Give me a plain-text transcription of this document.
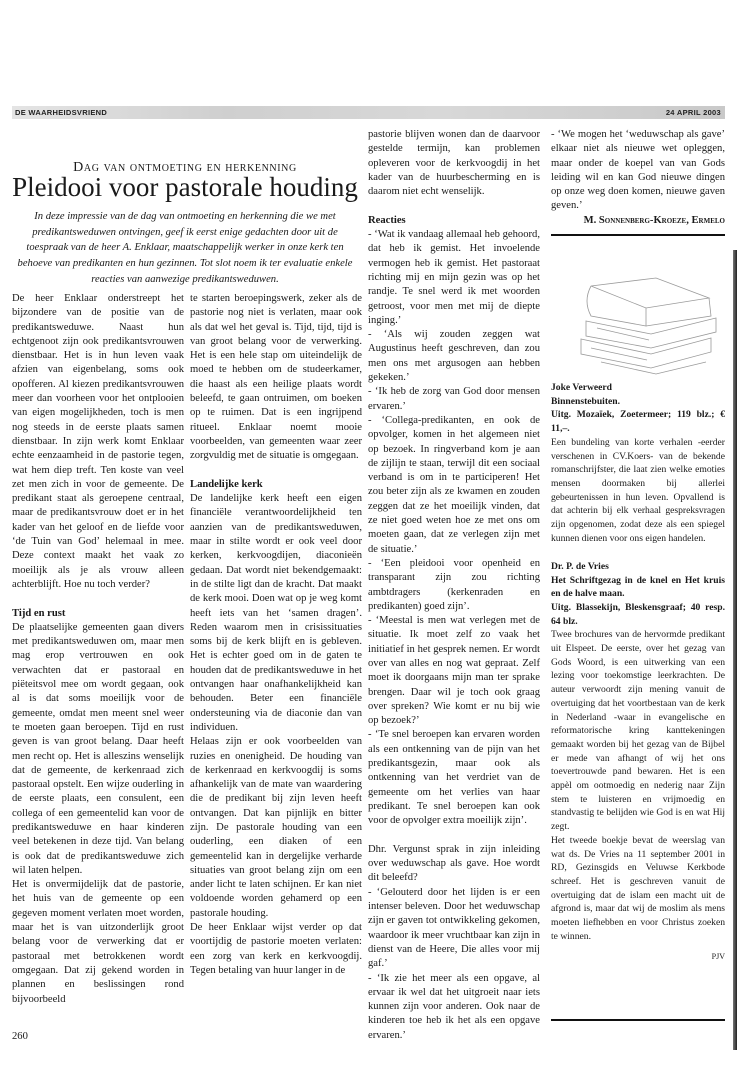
DE WAARHEIDSVRIEND	24 APRIL 2003
Dag van ontmoeting en herkenning
Pleidooi voor pastorale houding
In deze impressie van de dag van ontmoeting en herkenning die we met predikantsweduwen ontvingen, geef ik eerst enige gedachten door uit de toespraak van de heer A. Enklaar, maatschappelijk werker in onze kerk ten behoeve van predikanten en hun gezinnen. Tot slot noem ik ter evaluatie enkele reacties van aanwezige predikantsweduwen.

De heer Enklaar onderstreept het bijzondere van de positie van de predikantsweduwe. Naast hun echtgenoot zijn ook predikantsvrouwen dienstbaar. Het is in hun leven vaak afzien van eigenbelang, soms ook opofferen. Al kiezen predikantsvrouwen meer dan voorheen voor het ontplooien van eigen mogelijkheden, toch is men nog steeds in de eerste plaats samen dienstbaar. In zijn werk komt Enklaar echte eenzaamheid in de pastorie tegen, wat hem diep treft. Ten koste van veel zet men zich in voor de gemeente. De predikant staat als geroepene centraal, maar de predikantsvrouw doet er in het kader van het geloof en de liefde voor ‘de Tuin van God’ helemaal in mee. Deze context maakt het vaak zo moeilijk als je als vrouw alleen achterblijft. Hoe nu toch verder?

Tijd en rust

De plaatselijke gemeenten gaan divers met predikantsweduwen om, maar men mag erop vertrouwen en ook verwachten dat er pastoraal en piëteitsvol mee om wordt gegaan, ook al is dat soms moeilijk voor de gemeente, omdat men meent snel weer te moeten gaan beroepen. Tijd en rust geven is van groot belang. Daar heeft men recht op. Het is alleszins wenselijk dat de gemeente, de kerkenraad zich pastoraal opstelt. Een wijze ouderling in de eerste plaats, een consulent, een collega of een gemeentelid kan voor de predikantsweduwe en haar kinderen veel betekenen in deze tijd. Van belang is ook dat de predikantsweduwe zich wil laten helpen.

Het is onvermijdelijk dat de pastorie, het huis van de gemeente op een gegeven moment verlaten moet worden, maar het is van uitzonderlijk groot belang voor de verwerking dat er pastoraal met betrokkenen wordt omgegaan. Dat zij gekend worden in plannen en beslissingen rond bijvoorbeeld

te starten beroepingswerk, zeker als de pastorie nog niet is verlaten, maar ook als dat wel het geval is. Tijd, tijd, tijd is van groot belang voor de verwerking. Het is een hele stap om uiteindelijk de moed te hebben om de studeerkamer, die haast als een heilige plaats wordt beleefd, te gaan ontruimen, om boeken op te ruimen. Dat is een ingrijpend ritueel. Enklaar noemt mooie voorbeelden, van gemeenten waar zeer zorgvuldig met de situatie is omgegaan.

Landelijke kerk

De landelijke kerk heeft een eigen financiële verantwoordelijkheid ten aanzien van de predikantsweduwen, maar in stilte wordt er ook veel door kerken, kerkvoogdijen, diaconieën gedaan. Dat wordt niet bekendgemaakt: in de stilte ligt dan de kracht. Dat maakt de kerk mooi. Doen wat op je weg komt heeft iets van het ‘samen dragen’. Reden waarom men in crisissituaties soms bij de kerk blijft en is gebleven. Het is echter goed om in de gaten te houden dat de predikantsweduwe in het ontvangen haar onafhankelijkheid kan behouden. Beter een financiële ondersteuning via de diaconie dan van individuen.

Helaas zijn er ook voorbeelden van ruzies en onenigheid. De houding van de kerkenraad en kerkvoogdij is soms afhankelijk van de mate van waardering die de predikant bij zijn leven heeft ontvangen. Dat kan pijnlijk en bitter zijn. De pastorale houding van een ouderling, een diaken of een gemeentelid kan in dergelijke verharde situaties van groot belang zijn om een ander licht te laten schijnen. Er kan niet voldoende worden gehamerd op een pastorale houding.

De heer Enklaar wijst verder op dat voortijdig de pastorie moeten verlaten: een zorg van kerk en kerkvoogdij. Tegen betaling van huur langer in de

pastorie blijven wonen dan de daarvoor gestelde termijn, kan problemen opleveren voor de kerkvoogdij in het kader van de huurbescherming en is daarom niet echt wenselijk.

Reacties

- ‘Wat ik vandaag allemaal heb gehoord, dat heb ik gemist. Het invoelende vermogen heb ik gemist. Het pastoraat richting mij en mijn gezin was op het randje. Te snel werd ik met woorden getroost, voor men met mij de diepte inging.’

- ‘Als wij zouden zeggen wat Augustinus heeft geschreven, dan zou men ons met argusogen aan hebben gekeken.’

- ‘Ik heb de zorg van God door mensen ervaren.’

- ‘Collega-predikanten, en ook de opvolger, komen in het algemeen niet op bezoek. In ringverband kom je aan de zijlijn te staan, terwijl dit een sociaal verband is om in te participeren! Het zou beter zijn als ze kwamen en zouden zeggen dat ze het moeilijk vinden, dat ze niet goed weten hoe ze met ons om moeten gaan, dat ze verlegen zijn met de situatie.’

- ‘Een pleidooi voor openheid en transparant zijn zou richting ambtdragers (kerkenraden en predikanten) goed zijn’.

- ‘Meestal is men wat verlegen met de situatie. Ik moet zelf zo vaak het initiatief in het gesprek nemen. Er wordt over van alles en nog wat gepraat. Zelf moet ik doorgaans mijn man ter sprake brengen. Daar wil je toch ook graag over spreken? Wie komt er nu bij wie op bezoek?’

- ‘Te snel beroepen kan ervaren worden als een ontkenning van de pijn van het predikantsgezin, maar ook als ontkenning van het verdriet van de gemeente om het verlies van haar predikant. Te snel beroepen kan ook voor de opvolger extra moeilijk zijn’.

Dhr. Vergunst sprak in zijn inleiding over weduwschap als gave. Hoe wordt dit beleefd?

- ‘Gelouterd door het lijden is er een intenser beleven. Door het weduwschap zijn er gaven tot ontwikkeling gekomen, waardoor ik meer vruchtbaar kan zijn in dienst van de Heere, Die alles voor mij gaf.’

- ‘Ik zie het meer als een opgave, al ervaar ik wel dat het uitgroeit naar iets kunnen zijn voor anderen. Ook naar de kinderen toe heb ik het als een opgave ervaren.’

- ‘We mogen het ‘weduwschap als gave’ elkaar niet als nieuwe wet opleggen, maar onder de koepel van van Gods leiding wil en kan God nieuwe dingen op onze weg doen komen, nieuwe gaven geven.’

M. Sonnenberg-Kroeze, Ermelo

Joke Verweerd

Binnenstebuiten.

Uitg. Mozaïek, Zoetermeer; 119 blz.; € 11,–.

Een bundeling van korte verhalen -eerder verschenen in CV.Koers- van de bekende romanschrijfster, die laat zien welke emoties mensen doormaken bij allerlei gebeurtenissen in hun leven. Opvallend is dat achterin bij elk verhaal gespreksvragen zijn opgenomen, zodat deze als een spiegel kunnen dienen voor ons eigen handelen.

Dr. P. de Vries

Het Schriftgezag in de knel en Het kruis en de halve maan.

Uitg. Blassekijn, Bleskensgraaf; 40 resp. 64 blz.

Twee brochures van de hervormde predikant uit Elspeet. De eerste, over het gezag van Gods Woord, is een uitwerking van een lezing voor toekomstige leerkrachten. De auteur verwoordt zijn mening vanuit de overtuiging dat het voortbestaan van de kerk in Nederland -waar in evangelische en reformatorische kring kanttekeningen gemaakt worden bij het gezag van de Bijbel er mede van afhangt of wij het ons toevertrouwde pand bewaren. Het is een appèl om ootmoedig en nederig naar Zijn stem te luisteren en vrijmoedig en standvastig te belijden wie God is en wat Hij zegt.

Het tweede boekje bevat de weerslag van wat ds. De Vries na 11 september 2001 in RD, Gezinsgids en Veluwse Kerkbode schreef. Het is geschreven vanuit de overtuiging dat de islam een macht uit de afgrond is, maar dat wij de moslim als mens moeten liefhebben en voor Christus zoeken te winnen.

PJV
260
